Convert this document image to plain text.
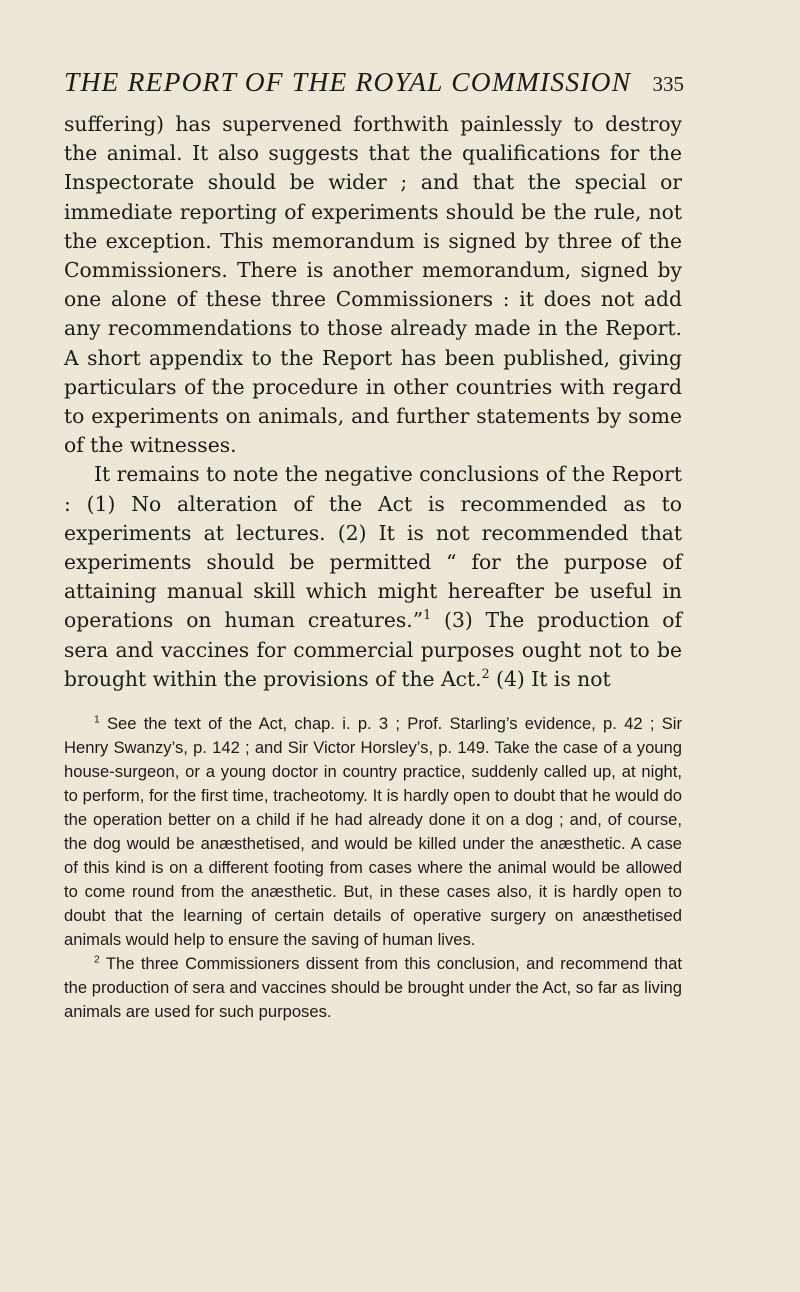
THE REPORT OF THE ROYAL COMMISSION 335

suffering) has supervened forthwith painlessly to destroy the animal. It also suggests that the qualifications for the Inspectorate should be wider ; and that the special or immediate reporting of experiments should be the rule, not the exception. This memorandum is signed by three of the Commissioners. There is another memorandum, signed by one alone of these three Commissioners : it does not add any recommendations to those already made in the Report. A short appendix to the Report has been published, giving particulars of the procedure in other countries with regard to experiments on animals, and further statements by some of the witnesses.

It remains to note the negative conclusions of the Report : (1) No alteration of the Act is recommended as to experiments at lectures. (2) It is not recommended that experiments should be permitted “ for the purpose of attaining manual skill which might hereafter be useful in operations on human creatures.”$^1$ (3) The production of sera and vaccines for commercial purposes ought not to be brought within the provisions of the Act.$^2$ (4) It is not

$^1$ See the text of the Act, chap. i. p. 3 ; Prof. Starling’s evidence, p. 42 ; Sir Henry Swanzy’s, p. 142 ; and Sir Victor Horsley’s, p. 149. Take the case of a young house-surgeon, or a young doctor in country practice, suddenly called up, at night, to perform, for the first time, tracheotomy. It is hardly open to doubt that he would do the operation better on a child if he had already done it on a dog ; and, of course, the dog would be anæsthetised, and would be killed under the anæsthetic. A case of this kind is on a different footing from cases where the animal would be allowed to come round from the anæsthetic. But, in these cases also, it is hardly open to doubt that the learning of certain details of operative surgery on anæsthetised animals would help to ensure the saving of human lives.

$^2$ The three Commissioners dissent from this conclusion, and recommend that the production of sera and vaccines should be brought under the Act, so far as living animals are used for such purposes.
